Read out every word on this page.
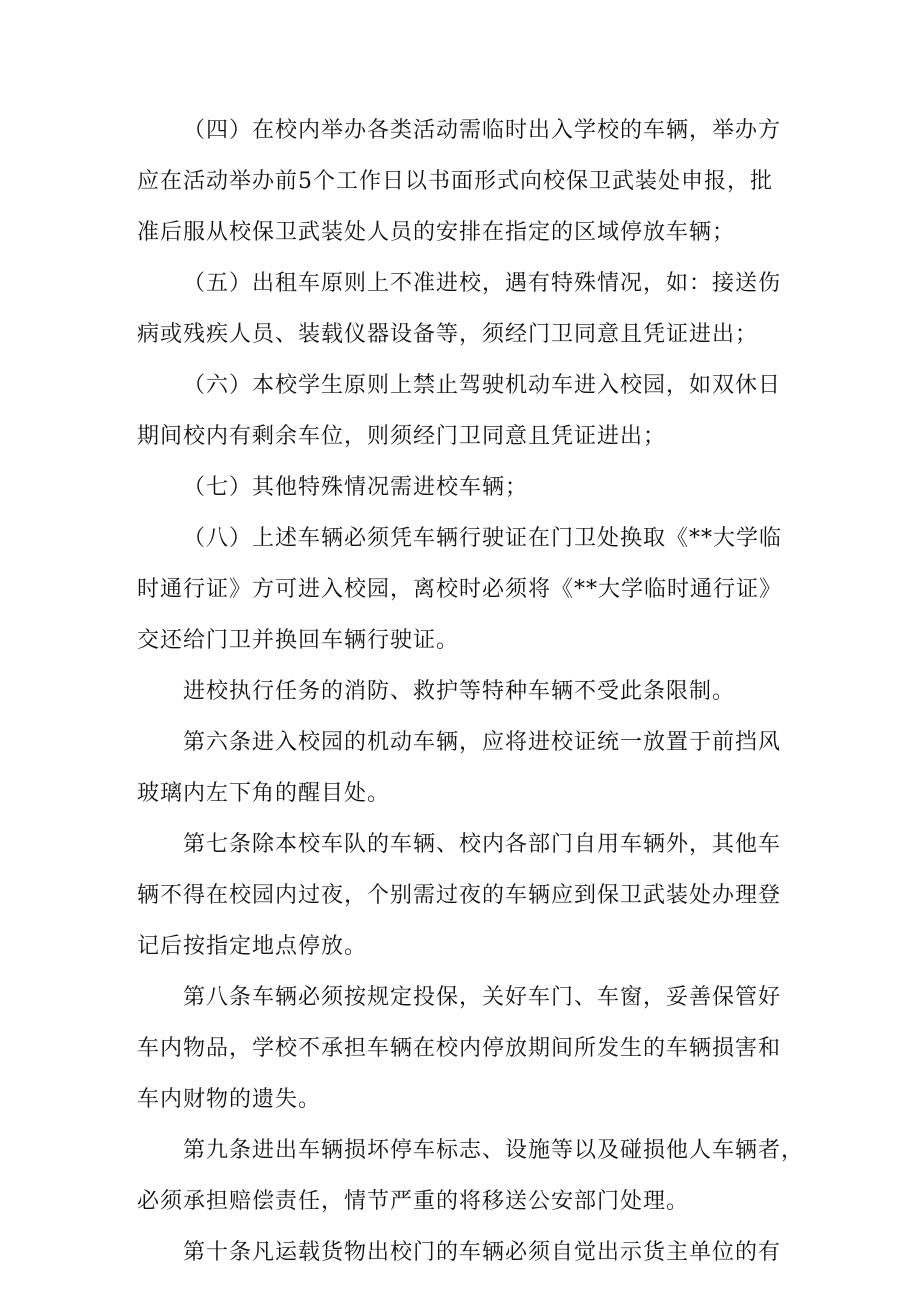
（四）在校内举办各类活动需临时出入学校的车辆，举办方

应在活动举办前5个工作日以书面形式向校保卫武装处申报，批

准后服从校保卫武装处人员的安排在指定的区域停放车辆；

（五）出租车原则上不准进校，遇有特殊情况，如：接送伤

病或残疾人员、装载仪器设备等，须经门卫同意且凭证进出；

（六）本校学生原则上禁止驾驶机动车进入校园，如双休日

期间校内有剩余车位，则须经门卫同意且凭证进出；

（七）其他特殊情况需进校车辆；

（八）上述车辆必须凭车辆行驶证在门卫处换取《**大学临

时通行证》方可进入校园，离校时必须将《**大学临时通行证》

交还给门卫并换回车辆行驶证。

进校执行任务的消防、救护等特种车辆不受此条限制。

第六条进入校园的机动车辆，应将进校证统一放置于前挡风

玻璃内左下角的醒目处。

第七条除本校车队的车辆、校内各部门自用车辆外，其他车

辆不得在校园内过夜，个别需过夜的车辆应到保卫武装处办理登

记后按指定地点停放。

第八条车辆必须按规定投保，关好车门、车窗，妥善保管好

车内物品，学校不承担车辆在校内停放期间所发生的车辆损害和

车内财物的遗失。

第九条进出车辆损坏停车标志、设施等以及碰损他人车辆者，

必须承担赔偿责任，情节严重的将移送公安部门处理。

第十条凡运载货物出校门的车辆必须自觉出示货主单位的有
